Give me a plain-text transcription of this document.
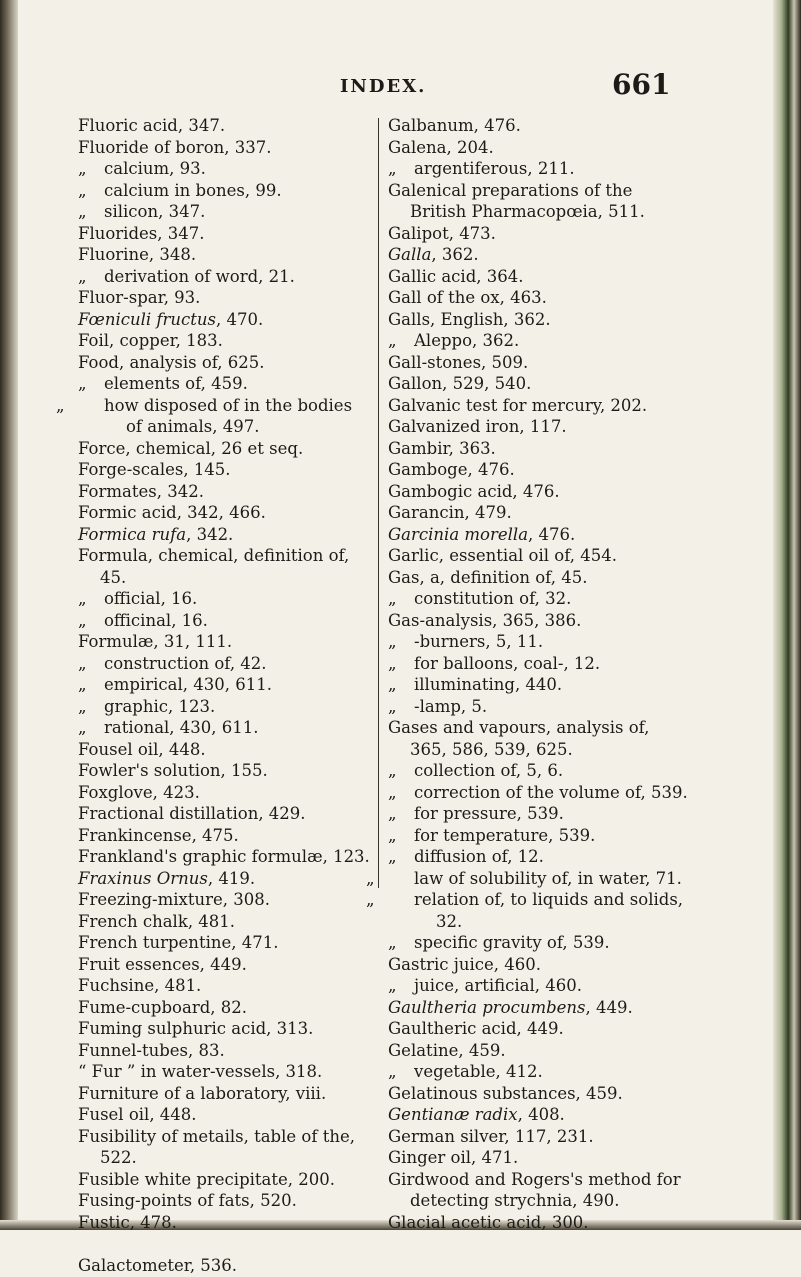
INDEX.	661
Fluoric acid, 347.
Fluoride of boron, 337.
„ calcium, 93.
„ calcium in bones, 99.
„ silicon, 347.
Fluorides, 347.
Fluorine, 348.
„ derivation of word, 21.
Fluor-spar, 93.
Fœniculi fructus, 470.
Foil, copper, 183.
Food, analysis of, 625.
„ elements of, 459.
„ how disposed of in the bodies of animals, 497.
Force, chemical, 26 et seq.
Forge-scales, 145.
Formates, 342.
Formic acid, 342, 466.
Formica rufa, 342.
Formula, chemical, definition of, 45.
„ official, 16.
„ officinal, 16.
Formulæ, 31, 111.
„ construction of, 42.
„ empirical, 430, 611.
„ graphic, 123.
„ rational, 430, 611.
Fousel oil, 448.
Fowler's solution, 155.
Foxglove, 423.
Fractional distillation, 429.
Frankincense, 475.
Frankland's graphic formulæ, 123.
Fraxinus Ornus, 419.
Freezing-mixture, 308.
French chalk, 481.
French turpentine, 471.
Fruit essences, 449.
Fuchsine, 481.
Fume-cupboard, 82.
Fuming sulphuric acid, 313.
Funnel-tubes, 83.
“ Fur ” in water-vessels, 318.
Furniture of a laboratory, viii.
Fusel oil, 448.
Fusibility of metails, table of the, 522.
Fusible white precipitate, 200.
Fusing-points of fats, 520.
Fustic, 478.
Galactometer, 536.
Galbanum, 476.
Galena, 204.
„ argentiferous, 211.
Galenical preparations of the British Pharmacopœia, 511.
Galipot, 473.
Galla, 362.
Gallic acid, 364.
Gall of the ox, 463.
Galls, English, 362.
„ Aleppo, 362.
Gall-stones, 509.
Gallon, 529, 540.
Galvanic test for mercury, 202.
Galvanized iron, 117.
Gambir, 363.
Gamboge, 476.
Gambogic acid, 476.
Garancin, 479.
Garcinia morella, 476.
Garlic, essential oil of, 454.
Gas, a, definition of, 45.
„ constitution of, 32.
Gas-analysis, 365, 386.
„ -burners, 5, 11.
„ for balloons, coal-, 12.
„ illuminating, 440.
„ -lamp, 5.
Gases and vapours, analysis of, 365, 586, 539, 625.
„ collection of, 5, 6.
„ correction of the volume of, 539.
„ for pressure, 539.
„ for temperature, 539.
„ diffusion of, 12.
„ law of solubility of, in water, 71.
„ relation of, to liquids and solids, 32.
„ specific gravity of, 539.
Gastric juice, 460.
„ juice, artificial, 460.
Gaultheria procumbens, 449.
Gaultheric acid, 449.
Gelatine, 459.
„ vegetable, 412.
Gelatinous substances, 459.
Gentianæ radix, 408.
German silver, 117, 231.
Ginger oil, 471.
Girdwood and Rogers's method for detecting strychnia, 490.
Glacial acetic acid, 300.
